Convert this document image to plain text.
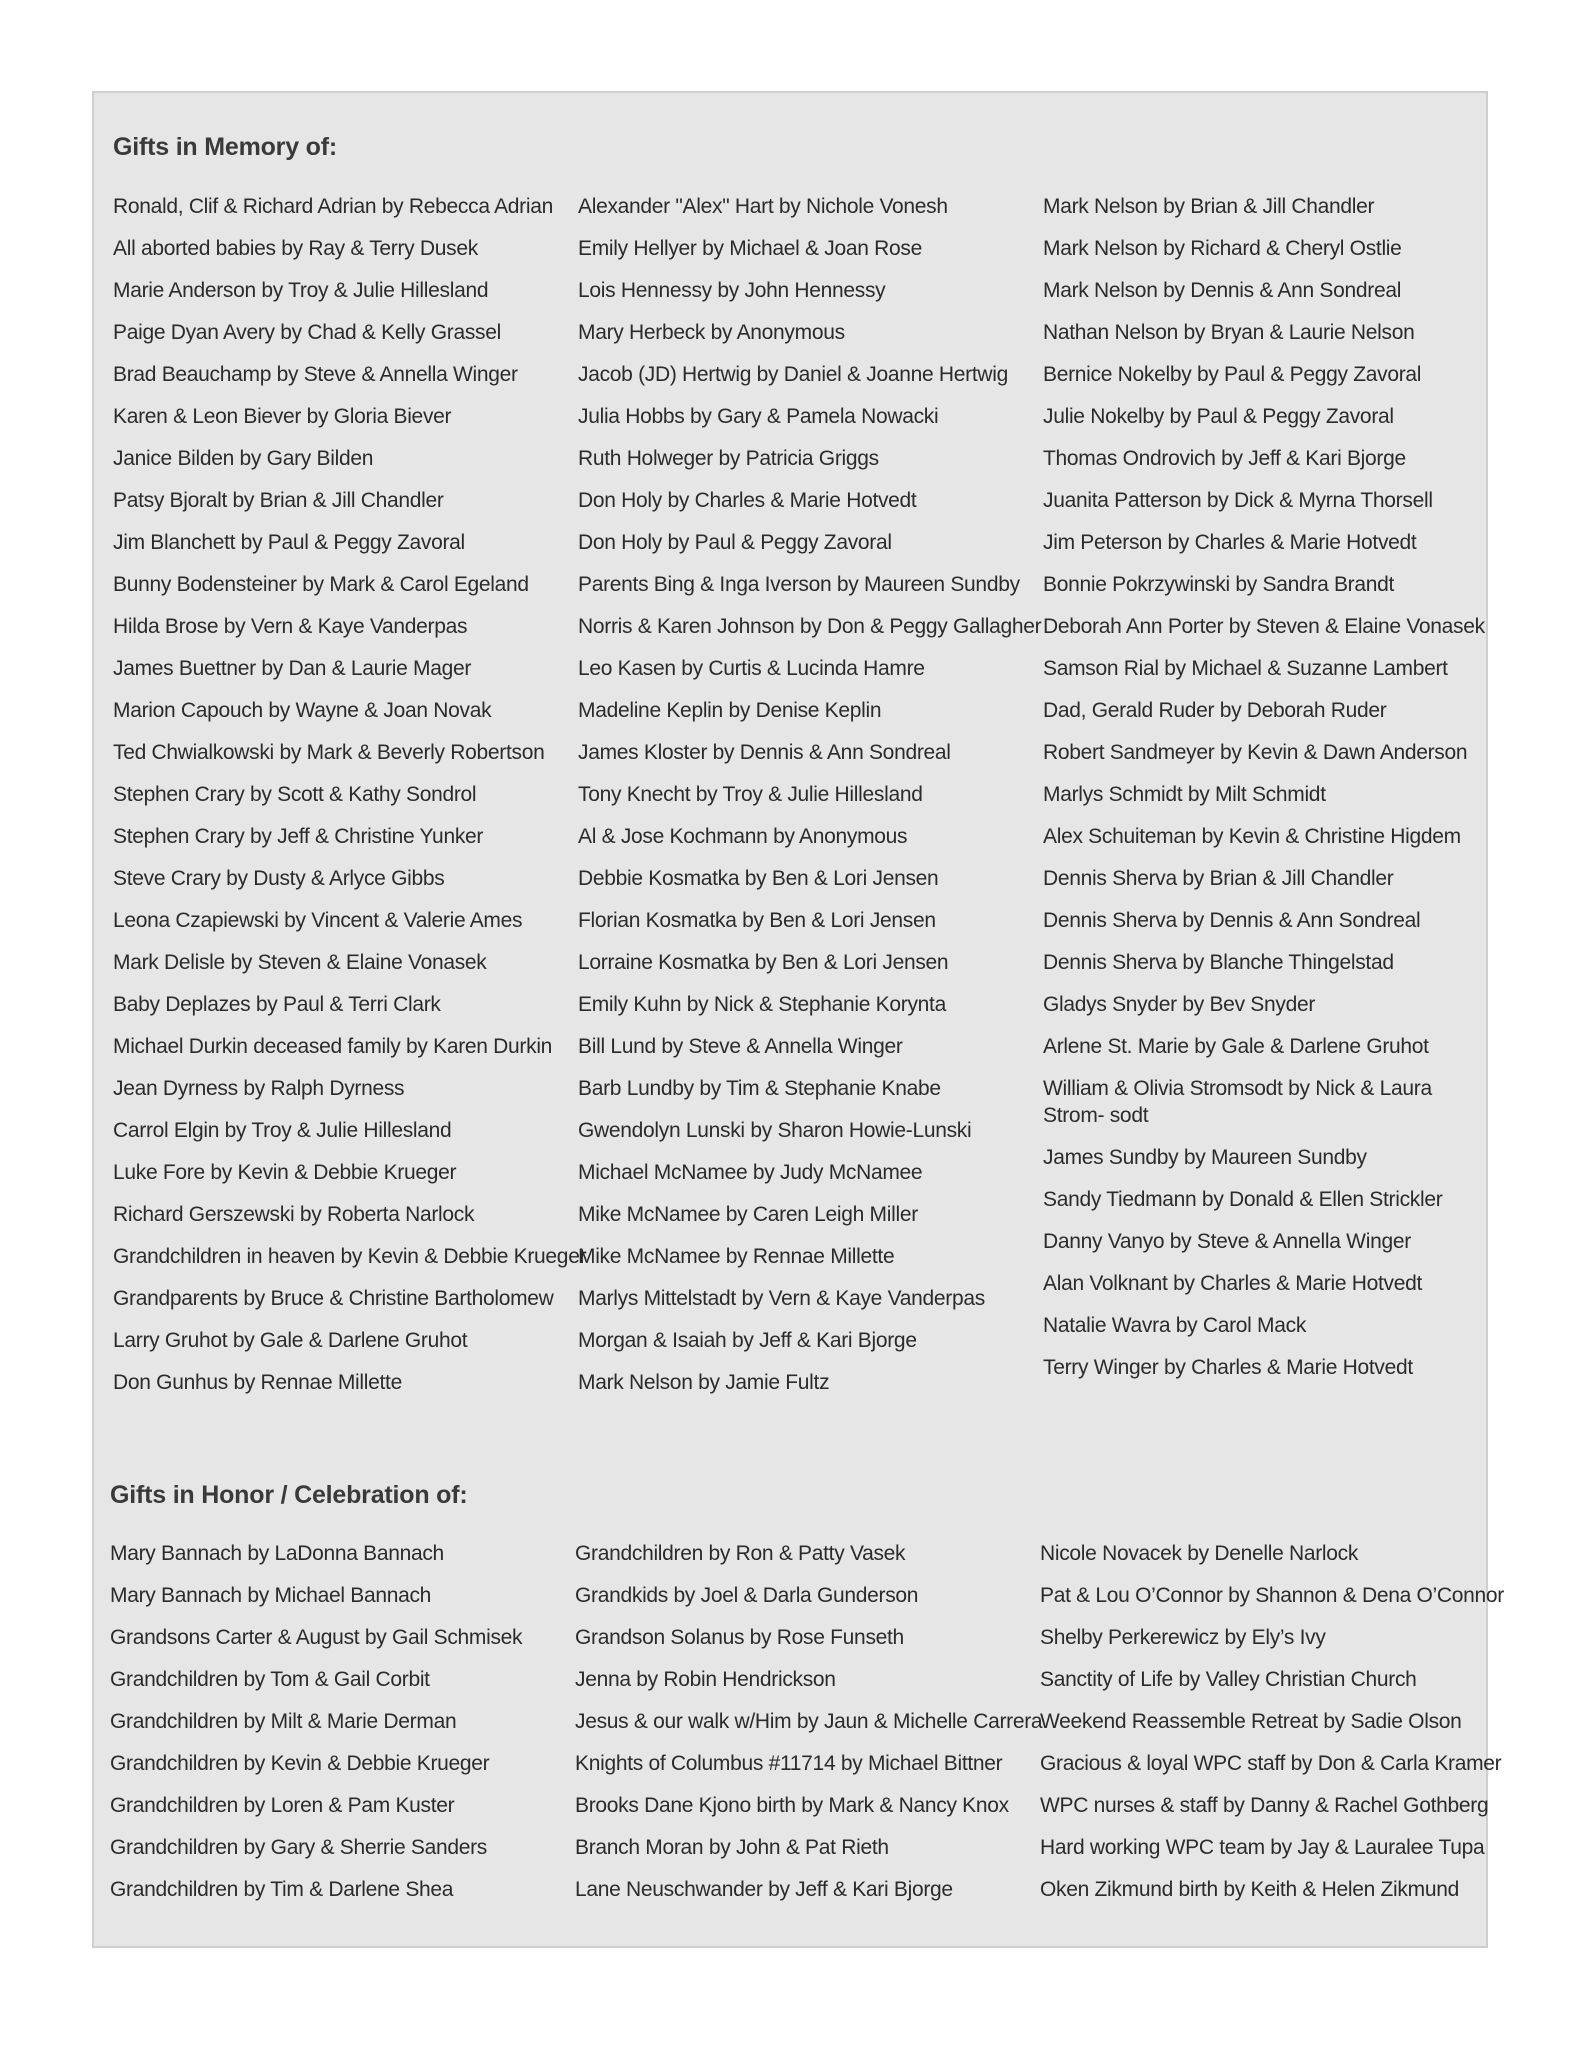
Gifts in Memory of:

Ronald, Clif & Richard Adrian by Rebecca Adrian

All aborted babies by Ray & Terry Dusek

Marie Anderson by Troy & Julie Hillesland

Paige Dyan Avery by Chad & Kelly Grassel

Brad Beauchamp by Steve & Annella Winger

Karen & Leon Biever by Gloria Biever

Janice Bilden by Gary Bilden

Patsy Bjoralt by Brian & Jill Chandler

Jim Blanchett by Paul & Peggy Zavoral

Bunny Bodensteiner by Mark & Carol Egeland

Hilda Brose by Vern & Kaye Vanderpas

James Buettner by Dan & Laurie Mager

Marion Capouch by Wayne & Joan Novak

Ted Chwialkowski by Mark & Beverly Robertson

Stephen Crary by Scott & Kathy Sondrol

Stephen Crary by Jeff & Christine Yunker

Steve Crary by Dusty & Arlyce Gibbs

Leona Czapiewski by Vincent & Valerie Ames

Mark Delisle by Steven & Elaine Vonasek

Baby Deplazes by Paul & Terri Clark

Michael Durkin deceased family by Karen Durkin

Jean Dyrness by Ralph Dyrness

Carrol Elgin by Troy & Julie Hillesland

Luke Fore by Kevin & Debbie Krueger

Richard Gerszewski by Roberta Narlock

Grandchildren in heaven by Kevin & Debbie Krueger

Grandparents by Bruce & Christine Bartholomew

Larry Gruhot by Gale & Darlene Gruhot

Don Gunhus by Rennae Millette

Alexander "Alex" Hart by Nichole Vonesh

Emily Hellyer by Michael & Joan Rose

Lois Hennessy by John Hennessy

Mary Herbeck by Anonymous

Jacob (JD) Hertwig by Daniel & Joanne Hertwig

Julia Hobbs by Gary & Pamela Nowacki

Ruth Holweger by Patricia Griggs

Don Holy by Charles & Marie Hotvedt

Don Holy by Paul & Peggy Zavoral

Parents Bing & Inga Iverson by Maureen Sundby

Norris & Karen Johnson by Don & Peggy Gallagher

Leo Kasen by Curtis & Lucinda Hamre

Madeline Keplin by Denise Keplin

James Kloster by Dennis & Ann Sondreal

Tony Knecht by Troy & Julie Hillesland

Al & Jose Kochmann by Anonymous

Debbie Kosmatka by Ben & Lori Jensen

Florian Kosmatka by Ben & Lori Jensen

Lorraine Kosmatka by Ben & Lori Jensen

Emily Kuhn by Nick & Stephanie Korynta

Bill Lund by Steve & Annella Winger

Barb Lundby by Tim & Stephanie Knabe

Gwendolyn Lunski by Sharon Howie-Lunski

Michael McNamee by Judy McNamee

Mike McNamee by Caren Leigh Miller

Mike McNamee by Rennae Millette

Marlys Mittelstadt by Vern & Kaye Vanderpas

Morgan & Isaiah by Jeff & Kari Bjorge

Mark Nelson by Jamie Fultz

Mark Nelson by Brian & Jill Chandler

Mark Nelson by Richard & Cheryl Ostlie

Mark Nelson by Dennis & Ann Sondreal

Nathan Nelson by Bryan & Laurie Nelson

Bernice Nokelby by Paul & Peggy Zavoral

Julie Nokelby by Paul & Peggy Zavoral

Thomas Ondrovich by Jeff & Kari Bjorge

Juanita Patterson by Dick & Myrna Thorsell

Jim Peterson by Charles & Marie Hotvedt

Bonnie Pokrzywinski by Sandra Brandt

Deborah Ann Porter by Steven & Elaine Vonasek

Samson Rial by Michael & Suzanne Lambert

Dad, Gerald Ruder by Deborah Ruder

Robert Sandmeyer by Kevin & Dawn Anderson

Marlys Schmidt by Milt Schmidt

Alex Schuiteman by Kevin & Christine Higdem

Dennis Sherva by Brian & Jill Chandler

Dennis Sherva by Dennis & Ann Sondreal

Dennis Sherva by Blanche Thingelstad

Gladys Snyder by Bev Snyder

Arlene St. Marie by Gale & Darlene Gruhot

William & Olivia Stromsodt by Nick & Laura Strom- sodt

James Sundby by Maureen Sundby

Sandy Tiedmann by Donald & Ellen Strickler

Danny Vanyo by Steve & Annella Winger

Alan Volknant by Charles & Marie Hotvedt

Natalie Wavra by Carol Mack

Terry Winger by Charles & Marie Hotvedt

Gifts in Honor / Celebration of:

Mary Bannach by LaDonna Bannach

Mary Bannach by Michael Bannach

Grandsons Carter & August by Gail Schmisek

Grandchildren by Tom & Gail Corbit

Grandchildren by Milt & Marie Derman

Grandchildren by Kevin & Debbie Krueger

Grandchildren by Loren & Pam Kuster

Grandchildren by Gary & Sherrie Sanders

Grandchildren by Tim & Darlene Shea

Grandchildren by Ron & Patty Vasek

Grandkids by Joel & Darla Gunderson

Grandson Solanus by Rose Funseth

Jenna by Robin Hendrickson

Jesus & our walk w/Him by Jaun & Michelle Carrera

Knights of Columbus #11714 by Michael Bittner

Brooks Dane Kjono birth by Mark & Nancy Knox

Branch Moran by John & Pat Rieth

Lane Neuschwander by Jeff & Kari Bjorge

Nicole Novacek by Denelle Narlock

Pat & Lou O’Connor by Shannon & Dena O’Connor

Shelby Perkerewicz by Ely’s Ivy

Sanctity of Life by Valley Christian Church

Weekend Reassemble Retreat by Sadie Olson

Gracious & loyal WPC staff by Don & Carla Kramer

WPC nurses & staff by Danny & Rachel Gothberg

Hard working WPC team by Jay & Lauralee Tupa

Oken Zikmund birth by Keith & Helen Zikmund
